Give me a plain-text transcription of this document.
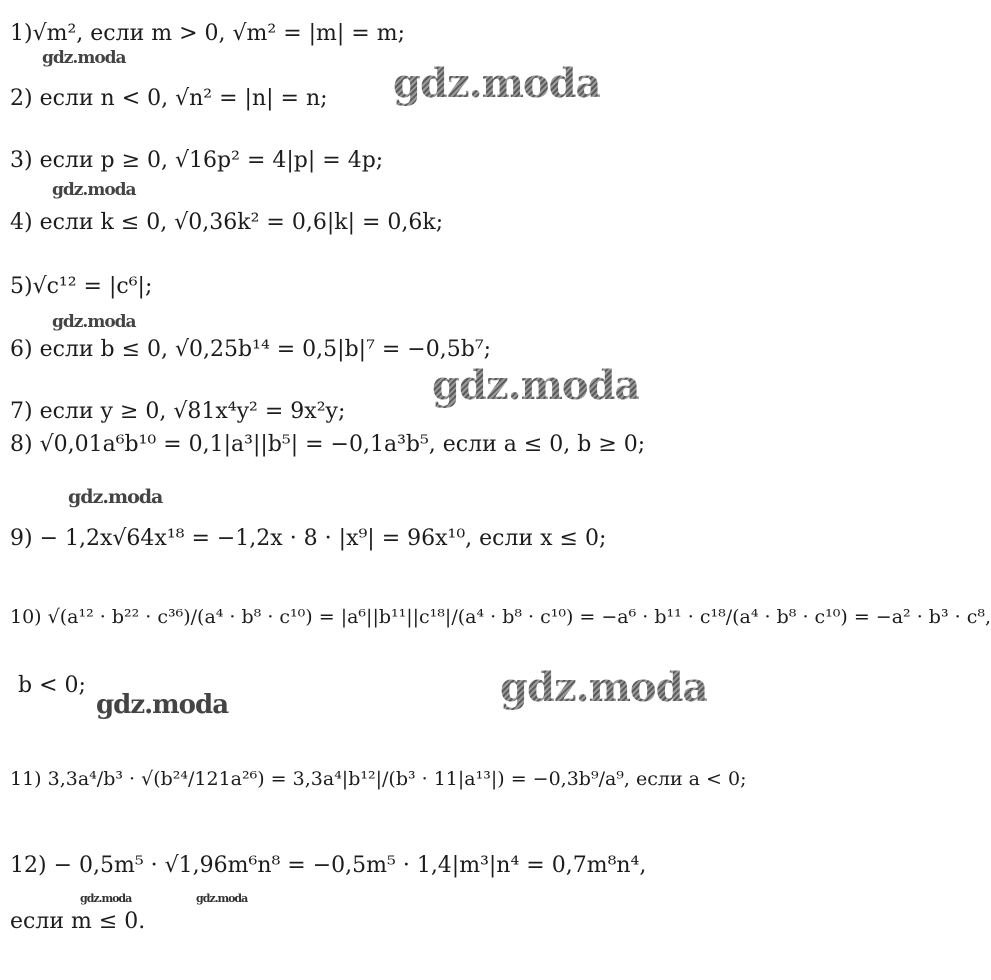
1)√m², если m > 0, √m² = |m| = m;
2) если n < 0, √n² = |n| = n;
3) если p ≥ 0, √16p² = 4|p| = 4p;
4) если k ≤ 0, √0,36k² = 0,6|k| = 0,6k;
5)√c¹² = |c⁶|;
6) если b ≤ 0, √0,25b¹⁴ = 0,5|b|⁷ = −0,5b⁷;
7) если y ≥ 0, √81x⁴y² = 9x²y;
8) √0,01a⁶b¹⁰ = 0,1|a³||b⁵| = −0,1a³b⁵, если a ≤ 0, b ≥ 0;
9) − 1,2x√64x¹⁸ = −1,2x · 8 · |x⁹| = 96x¹⁰, если x ≤ 0;
10) √(a¹² · b²² · c³⁶)/(a⁴ · b⁸ · c¹⁰) = |a⁶||b¹¹||c¹⁸|/(a⁴ · b⁸ · c¹⁰) = −a⁶ · b¹¹ · c¹⁸/(a⁴ · b⁸ · c¹⁰) = −a² · b³ · c⁸,
b < 0;
11) 3,3a⁴/b³ · √(b²⁴/121a²⁶) = 3,3a⁴|b¹²|/(b³ · 11|a¹³|) = −0,3b⁹/a⁹, если a < 0;
12) − 0,5m⁵ · √1,96m⁶n⁸ = −0,5m⁵ · 1,4|m³|n⁴ = 0,7m⁸n⁴,
если m ≤ 0.
gdz.moda
gdz.moda
gdz.moda
gdz.moda
gdz.moda
gdz.moda
gdz.moda
gdz.moda
gdz.moda	gdz.moda
